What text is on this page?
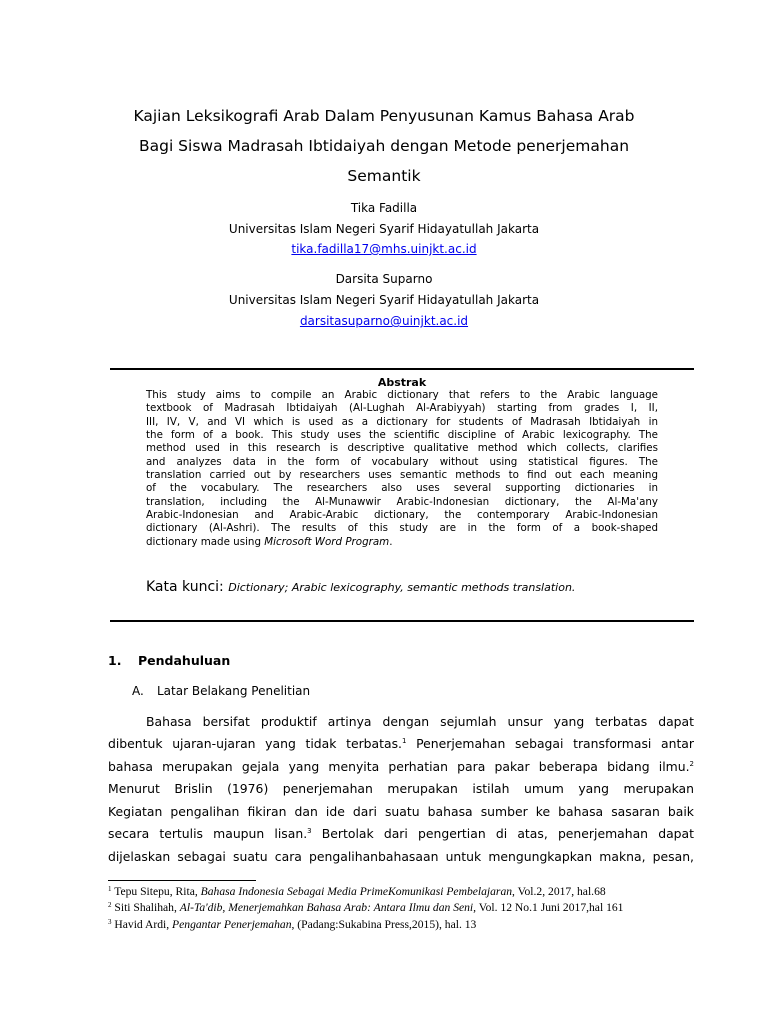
Kajian Leksikografi Arab Dalam Penyusunan Kamus Bahasa Arab
Bagi Siswa Madrasah Ibtidaiyah dengan Metode penerjemahan
Semantik
Tika Fadilla
Universitas Islam Negeri Syarif Hidayatullah Jakarta
tika.fadilla17@mhs.uinjkt.ac.id
Darsita Suparno
Universitas Islam Negeri Syarif Hidayatullah Jakarta
darsitasuparno@uinjkt.ac.id
Abstrak
This study aims to compile an Arabic dictionary that refers to the Arabic language
textbook of Madrasah Ibtidaiyah (Al-Lughah Al-Arabiyyah) starting from grades I, II,
III, IV, V, and VI which is used as a dictionary for students of Madrasah Ibtidaiyah in
the form of a book. This study uses the scientific discipline of Arabic lexicography. The
method used in this research is descriptive qualitative method which collects, clarifies
and analyzes data in the form of vocabulary without using statistical figures. The
translation carried out by researchers uses semantic methods to find out each meaning
of the vocabulary. The researchers also uses several supporting dictionaries in
translation, including the Al-Munawwir Arabic-Indonesian dictionary, the Al-Ma'any
Arabic-Indonesian and Arabic-Arabic dictionary, the contemporary Arabic-Indonesian
dictionary (Al-Ashri). The results of this study are in the form of a book-shaped
dictionary made using Microsoft Word Program.
Kata kunci: Dictionary; Arabic lexicography, semantic methods translation.
1. Pendahuluan
A. Latar Belakang Penelitian
Bahasa bersifat produktif artinya dengan sejumlah unsur yang terbatas dapat
dibentuk ujaran-ujaran yang tidak terbatas.$^1$ Penerjemahan sebagai transformasi antar
bahasa merupakan gejala yang menyita perhatian para pakar beberapa bidang ilmu.$^2$
Menurut Brislin (1976) penerjemahan merupakan istilah umum yang merupakan
Kegiatan pengalihan fikiran dan ide dari suatu bahasa sumber ke bahasa sasaran baik
secara tertulis maupun lisan.$^3$ Bertolak dari pengertian di atas, penerjemahan dapat
dijelaskan sebagai suatu cara pengalihanbahasaan untuk mengungkapkan makna, pesan,
$^1$ Tepu Sitepu, Rita, Bahasa Indonesia Sebagai Media PrimeKomunikasi Pembelajaran, Vol.2, 2017, hal.68
$^2$ Siti Shalihah, Al-Ta'dib, Menerjemahkan Bahasa Arab: Antara Ilmu dan Seni, Vol. 12 No.1 Juni 2017,hal 161
$^3$ Havid Ardi, Pengantar Penerjemahan, (Padang:Sukabina Press,2015), hal. 13
